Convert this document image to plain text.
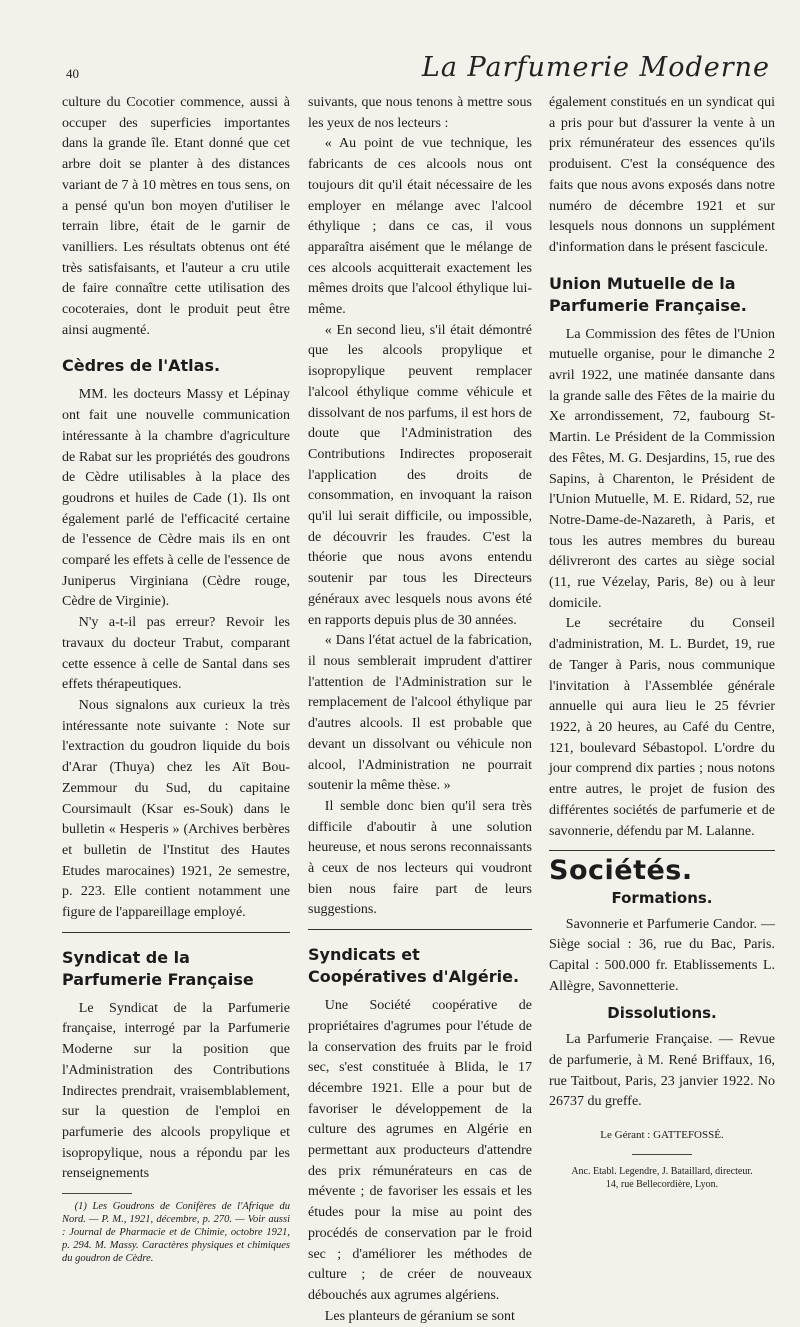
40	La Parfumerie Moderne

culture du Cocotier commence, aussi à occuper des superficies importantes dans la grande île. Etant donné que cet arbre doit se planter à des distances variant de 7 à 10 mètres en tous sens, on a pensé qu'un bon moyen d'utiliser le terrain libre, était de le garnir de vanilliers. Les résultats obtenus ont été très satisfaisants, et l'auteur a cru utile de faire connaître cette utilisation des cocoteraies, dont le produit peut être ainsi augmenté.

Cèdres de l'Atlas.

MM. les docteurs Massy et Lépinay ont fait une nouvelle communication intéressante à la chambre d'agriculture de Rabat sur les propriétés des goudrons de Cèdre utilisables à la place des goudrons et huiles de Cade (1). Ils ont également parlé de l'efficacité certaine de l'essence de Cèdre mais ils en ont comparé les effets à celle de l'essence de Juniperus Virginiana (Cèdre rouge, Cèdre de Virginie).

N'y a-t-il pas erreur? Revoir les travaux du docteur Trabut, comparant cette essence à celle de Santal dans ses effets thérapeutiques.

Nous signalons aux curieux la très intéressante note suivante : Note sur l'extraction du goudron liquide du bois d'Arar (Thuya) chez les Aït Bou-Zemmour du Sud, du capitaine Coursimault (Ksar es-Souk) dans le bulletin « Hesperis » (Archives berbères et bulletin de l'Institut des Hautes Etudes marocaines) 1921, 2e semestre, p. 223. Elle contient notamment une figure de l'appareillage employé.

Syndicat de la Parfumerie Française

Le Syndicat de la Parfumerie française, interrogé par la Parfumerie Moderne sur la position que l'Administration des Contributions Indirectes prendrait, vraisemblablement, sur la question de l'emploi en parfumerie des alcools propylique et isopropylique, nous a répondu par les renseignements

(1) Les Goudrons de Conifères de l'Afrique du Nord. — P. M., 1921, décembre, p. 270. — Voir aussi : Journal de Pharmacie et de Chimie, octobre 1921, p. 294. M. Massy. Caractères physiques et chimiques du goudron de Cèdre.

suivants, que nous tenons à mettre sous les yeux de nos lecteurs :

« Au point de vue technique, les fabricants de ces alcools nous ont toujours dit qu'il était nécessaire de les employer en mélange avec l'alcool éthylique ; dans ce cas, il vous apparaîtra aisément que le mélange de ces alcools acquitterait exactement les mêmes droits que l'alcool éthylique lui-même.

« En second lieu, s'il était démontré que les alcools propylique et isopropylique peuvent remplacer l'alcool éthylique comme véhicule et dissolvant de nos parfums, il est hors de doute que l'Administration des Contributions Indirectes proposerait l'application des droits de consommation, en invoquant la raison qu'il lui serait difficile, ou impossible, de découvrir les fraudes. C'est la théorie que nous avons entendu soutenir par tous les Directeurs généraux avec lesquels nous avons été en rapports depuis plus de 30 années.

« Dans l'état actuel de la fabrication, il nous semblerait imprudent d'attirer l'attention de l'Administration sur le remplacement de l'alcool éthylique par d'autres alcools. Il est probable que devant un dissolvant ou véhicule non alcool, l'Administration ne pourrait soutenir la même thèse. »

Il semble donc bien qu'il sera très difficile d'aboutir à une solution heureuse, et nous serons reconnaissants à ceux de nos lecteurs qui voudront bien nous faire part de leurs suggestions.

Syndicats et Coopératives d'Algérie.

Une Société coopérative de propriétaires d'agrumes pour l'étude de la conservation des fruits par le froid sec, s'est constituée à Blida, le 17 décembre 1921. Elle a pour but de favoriser le développement de la culture des agrumes en Algérie en permettant aux producteurs d'attendre des prix rémunérateurs en cas de mévente ; de favoriser les essais et les études pour la mise au point des procédés de conservation par le froid sec ; d'améliorer les méthodes de culture ; de créer de nouveaux débouchés aux agrumes algériens.

Les planteurs de géranium se sont

également constitués en un syndicat qui a pris pour but d'assurer la vente à un prix rémunérateur des essences qu'ils produisent. C'est la conséquence des faits que nous avons exposés dans notre numéro de décembre 1921 et sur lesquels nous donnons un supplément d'information dans le présent fascicule.

Union Mutuelle de la Parfumerie Française.

La Commission des fêtes de l'Union mutuelle organise, pour le dimanche 2 avril 1922, une matinée dansante dans la grande salle des Fêtes de la mairie du Xe arrondissement, 72, faubourg St-Martin. Le Président de la Commission des Fêtes, M. G. Desjardins, 15, rue des Sapins, à Charenton, le Président de l'Union Mutuelle, M. E. Ridard, 52, rue Notre-Dame-de-Nazareth, à Paris, et tous les autres membres du bureau délivreront des cartes au siège social (11, rue Vézelay, Paris, 8e) ou à leur domicile.

Le secrétaire du Conseil d'administration, M. L. Burdet, 19, rue de Tanger à Paris, nous communique l'invitation à l'Assemblée générale annuelle qui aura lieu le 25 février 1922, à 20 heures, au Café du Centre, 121, boulevard Sébastopol. L'ordre du jour comprend dix parties ; nous notons entre autres, le projet de fusion des différentes sociétés de parfumerie et de savonnerie, défendu par M. Lalanne.

Sociétés.
Formations.

Savonnerie et Parfumerie Candor. — Siège social : 36, rue du Bac, Paris. Capital : 500.000 fr. Etablissements L. Allègre, Savonnetterie.

Dissolutions.

La Parfumerie Française. — Revue de parfumerie, à M. René Briffaux, 16, rue Taitbout, Paris, 23 janvier 1922. No 26737 du greffe.

Le Gérant : GATTEFOSSÉ.
Anc. Etabl. Legendre, J. Bataillard, directeur.
14, rue Bellecordière, Lyon.
